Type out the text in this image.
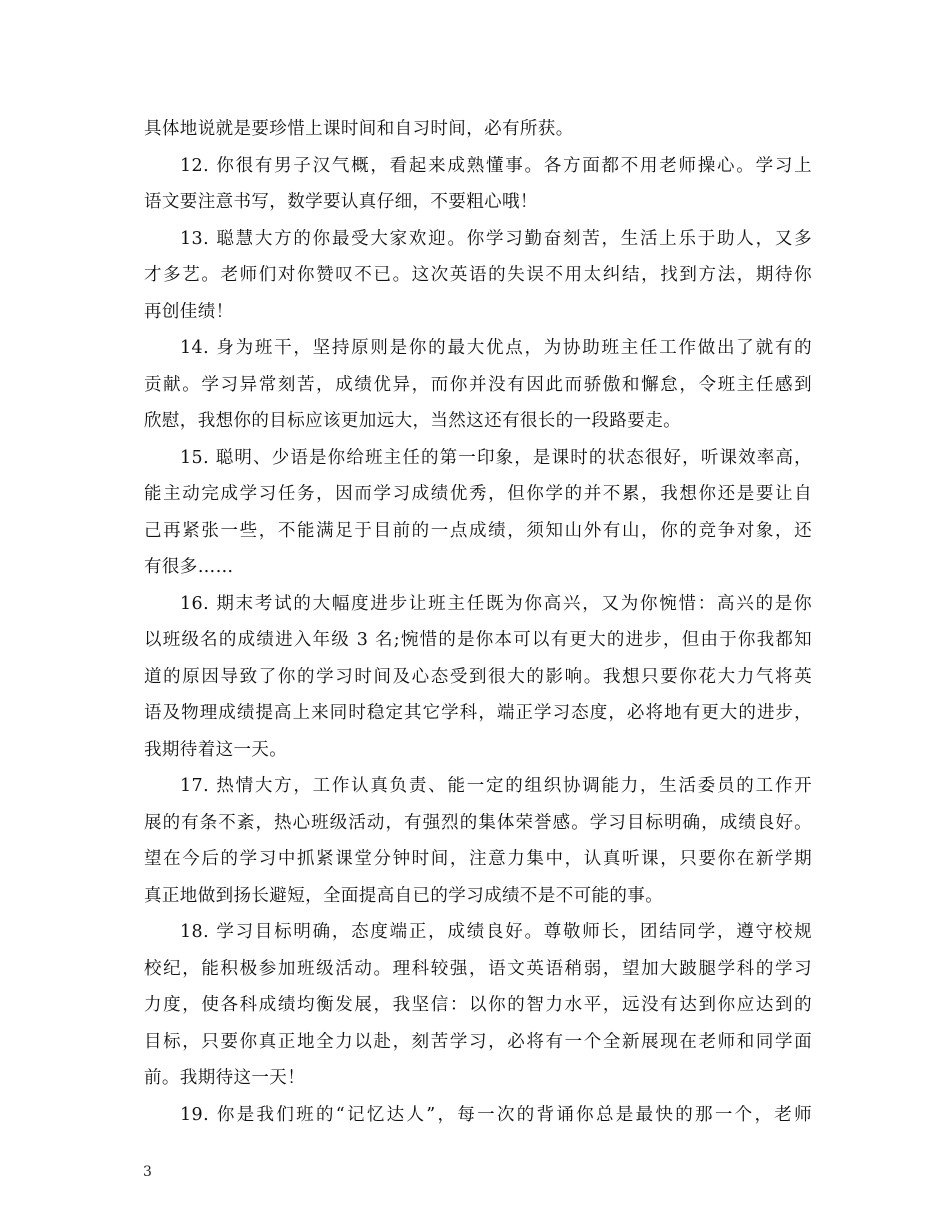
具体地说就是要珍惜上课时间和自习时间，必有所获。
12. 你很有男子汉气概，看起来成熟懂事。各方面都不用老师操心。学习上
语文要注意书写，数学要认真仔细，不要粗心哦！
13. 聪慧大方的你最受大家欢迎。你学习勤奋刻苦，生活上乐于助人，又多
才多艺。老师们对你赞叹不已。这次英语的失误不用太纠结，找到方法，期待你
再创佳绩！
14. 身为班干，坚持原则是你的最大优点，为协助班主任工作做出了就有的
贡献。学习异常刻苦，成绩优异，而你并没有因此而骄傲和懈怠，令班主任感到
欣慰，我想你的目标应该更加远大，当然这还有很长的一段路要走。
15. 聪明、少语是你给班主任的第一印象，是课时的状态很好，听课效率高，
能主动完成学习任务，因而学习成绩优秀，但你学的并不累，我想你还是要让自
己再紧张一些，不能满足于目前的一点成绩，须知山外有山，你的竞争对象，还
有很多……
16. 期末考试的大幅度进步让班主任既为你高兴，又为你惋惜：高兴的是你
以班级名的成绩进入年级 3 名;惋惜的是你本可以有更大的进步，但由于你我都知
道的原因导致了你的学习时间及心态受到很大的影响。我想只要你花大力气将英
语及物理成绩提高上来同时稳定其它学科，端正学习态度，必将地有更大的进步，
我期待着这一天。
17. 热情大方，工作认真负责、能一定的组织协调能力，生活委员的工作开
展的有条不紊，热心班级活动，有强烈的集体荣誉感。学习目标明确，成绩良好。
望在今后的学习中抓紧课堂分钟时间，注意力集中，认真听课，只要你在新学期
真正地做到扬长避短，全面提高自已的学习成绩不是不可能的事。
18. 学习目标明确，态度端正，成绩良好。尊敬师长，团结同学，遵守校规
校纪，能积极参加班级活动。理科较强，语文英语稍弱，望加大跛腿学科的学习
力度，使各科成绩均衡发展，我坚信：以你的智力水平，远没有达到你应达到的
目标，只要你真正地全力以赴，刻苦学习，必将有一个全新展现在老师和同学面
前。我期待这一天！
19. 你是我们班的“记忆达人”，每一次的背诵你总是最快的那一个，老师
3
